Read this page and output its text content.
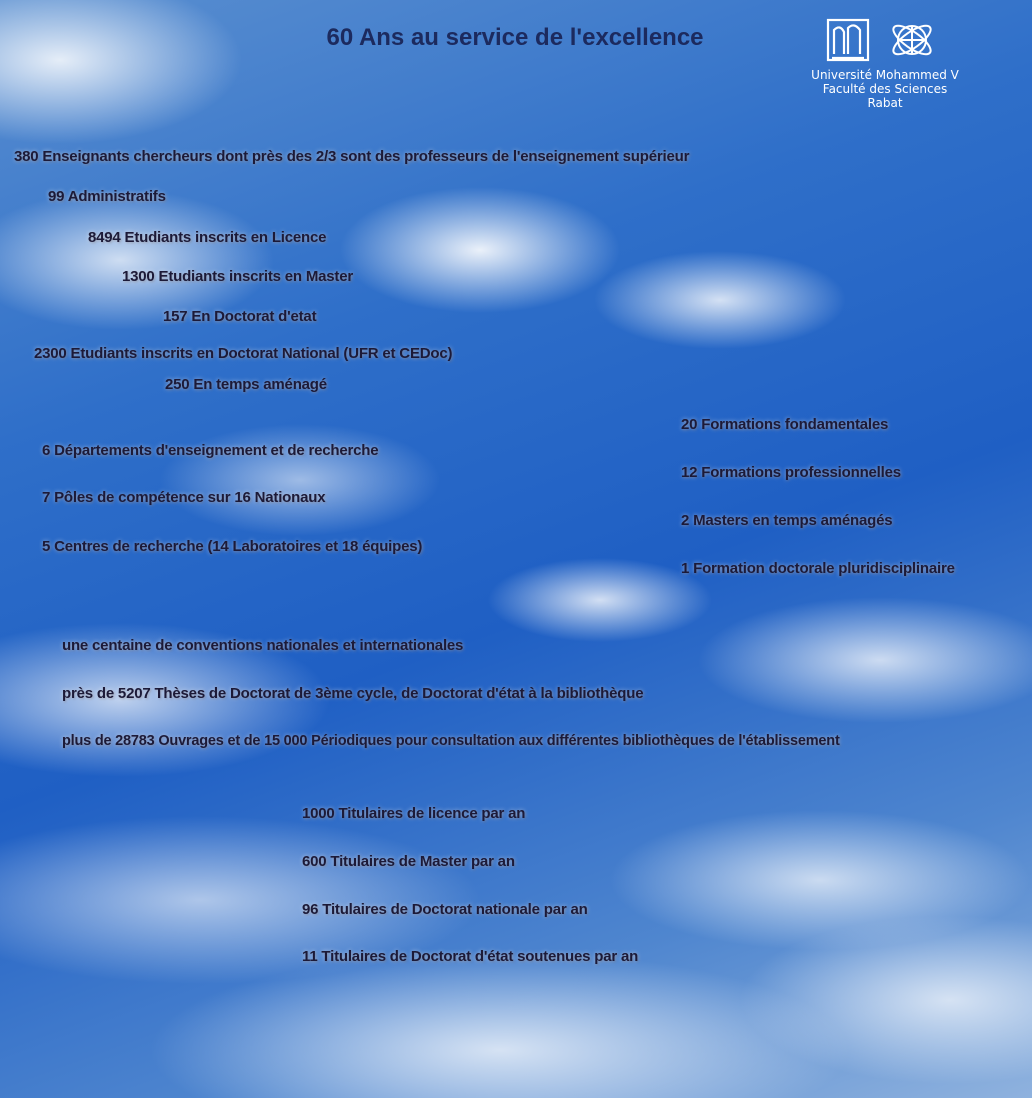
60 Ans au service de l'excellence
Université Mohammed V
Faculté des Sciences
Rabat
380 Enseignants chercheurs dont près des 2/3 sont des professeurs de l'enseignement supérieur
99 Administratifs
8494 Etudiants inscrits en Licence
1300 Etudiants inscrits en Master
157 En Doctorat d'etat
2300 Etudiants inscrits en Doctorat National (UFR et CEDoc)
250 En temps aménagé
20 Formations fondamentales
6 Départements d'enseignement et de recherche
12 Formations professionnelles
7 Pôles de compétence sur 16 Nationaux
2 Masters en temps aménagés
5 Centres de recherche (14 Laboratoires et 18 équipes)
1 Formation doctorale pluridisciplinaire
une centaine de conventions nationales et internationales
près de 5207 Thèses de Doctorat de 3ème cycle, de Doctorat d'état à la bibliothèque
plus de 28783 Ouvrages et de 15 000 Périodiques pour consultation aux différentes bibliothèques de l'établissement
1000 Titulaires de licence par an
600 Titulaires de Master par an
96 Titulaires de Doctorat nationale par an
11 Titulaires de Doctorat d'état soutenues par an
